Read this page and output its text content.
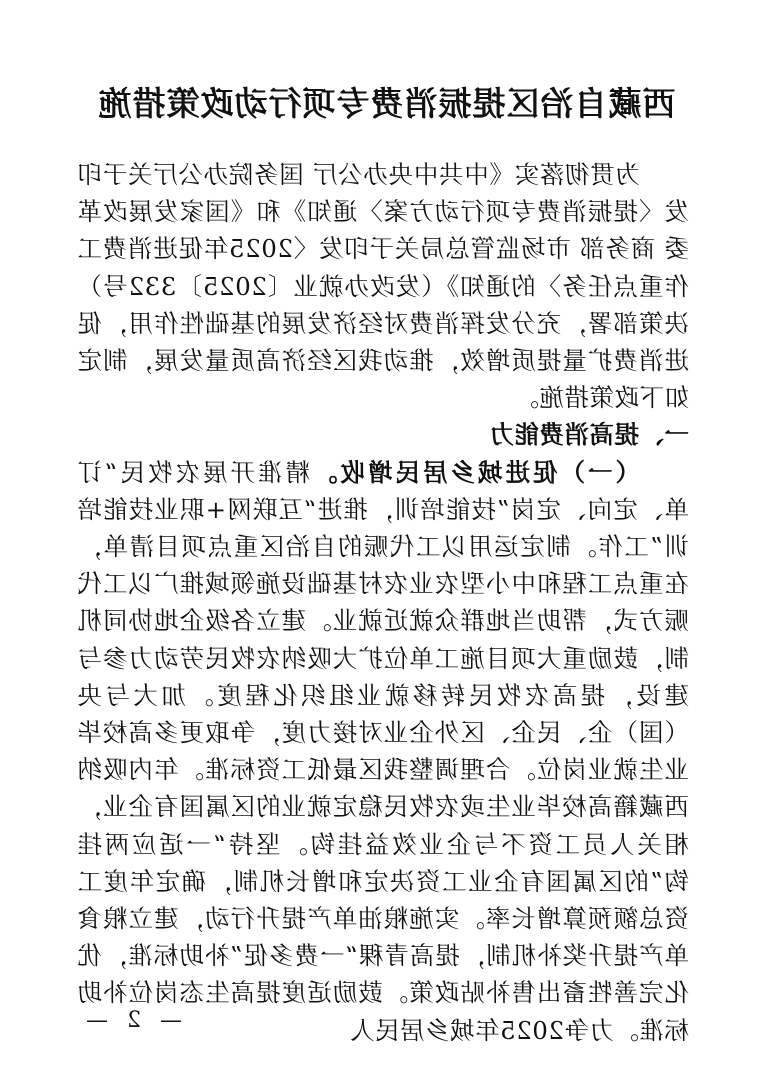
西藏自治区提振消费专项行动政策措施

为贯彻落实《中共中央办公厅 国务院办公厅关于印发〈提振消费专项行动方案〉通知》和《国家发展改革委 商务部 市场监管总局关于印发〈2025年促进消费工作重点任务〉的通知》（发改办就业〔2025〕332号）决策部署，充分发挥消费对经济发展的基础性作用，促进消费扩量提质增效，推动我区经济高质量发展，制定如下政策措施。

一、提高消费能力

（一）促进城乡居民增收。精准开展农牧民“订单、定向、定岗”技能培训，推进“互联网+职业技能培训”工作。制定运用以工代赈的自治区重点项目清单，在重点工程和中小型农业农村基础设施领域推广以工代赈方式，帮助当地群众就近就业。建立各级企地协同机制，鼓励重大项目施工单位扩大吸纳农牧民劳动力参与建设，提高农牧民转移就业组织化程度。加大与央（国）企、民企、区外企业对接力度，争取更多高校毕业生就业岗位。合理调整我区最低工资标准。年内吸纳西藏籍高校毕业生或农牧民稳定就业的区属国有企业，相关人员工资不与企业效益挂钩。坚持“一适应两挂钩”的区属国有企业工资决定和增长机制，确定年度工资总额预算增长率。实施粮油单产提升行动，建立粮食单产提升奖补机制，提高青稞“一费多促”补助标准，优化完善牲畜出售补贴政策。鼓励适度提高生态岗位补助标准。力争2025年城乡居民人

— 2 —
